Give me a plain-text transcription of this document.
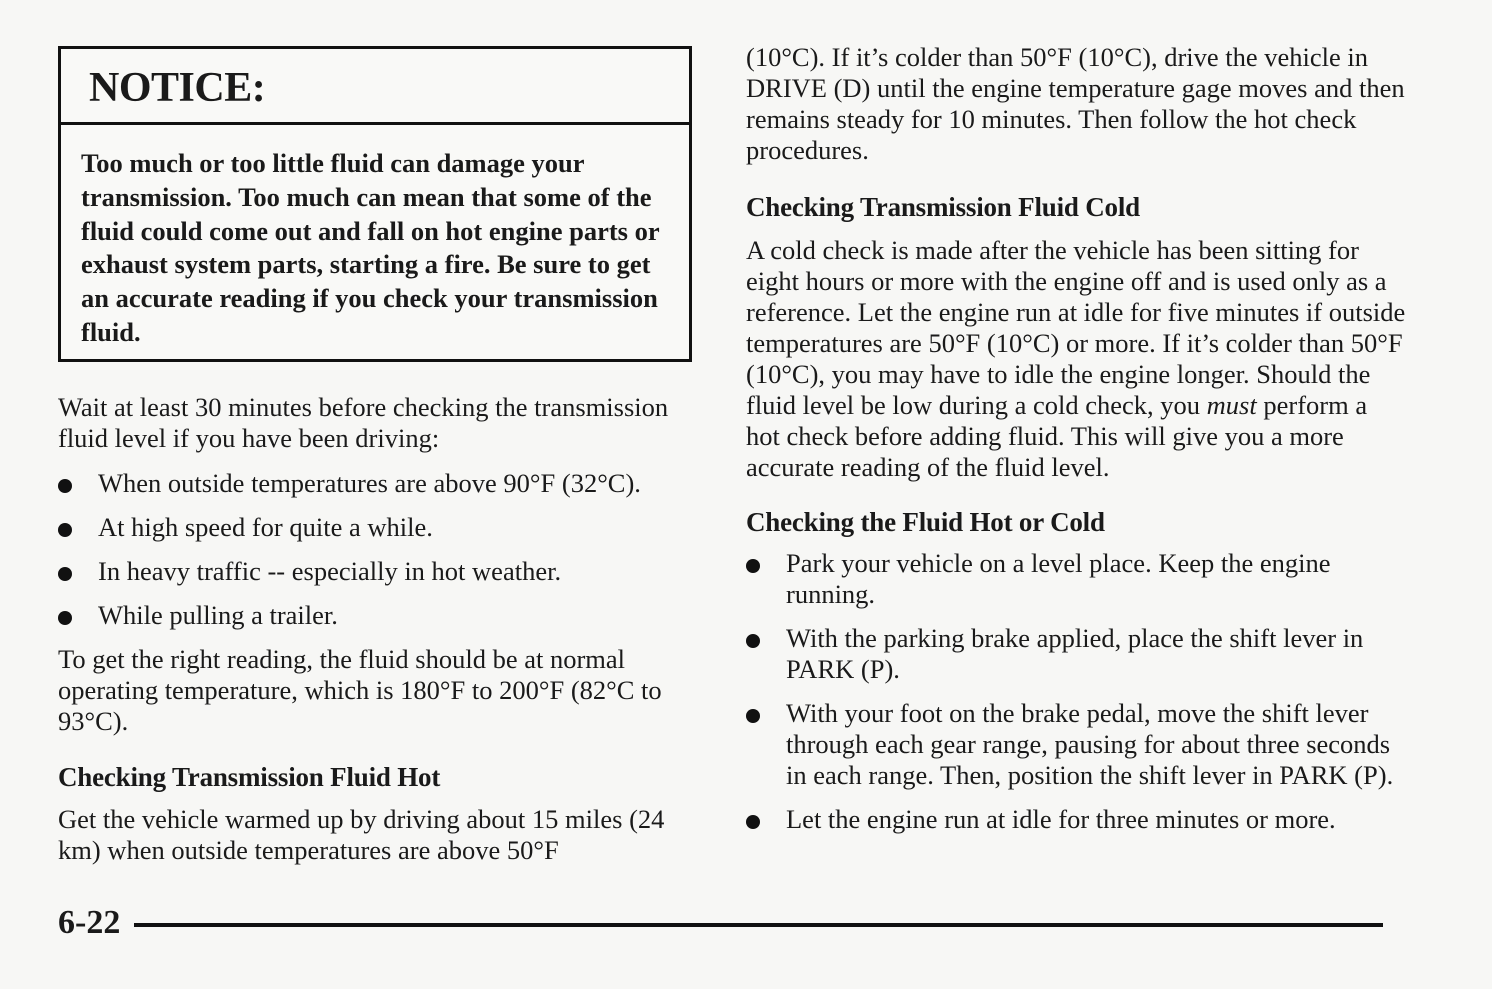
NOTICE:
Too much or too little fluid can damage your transmission. Too much can mean that some of the fluid could come out and fall on hot engine parts or exhaust system parts, starting a fire. Be sure to get an accurate reading if you check your transmission fluid.

Wait at least 30 minutes before checking the transmission fluid level if you have been driving:

When outside temperatures are above 90°F (32°C).
At high speed for quite a while.
In heavy traffic -- especially in hot weather.
While pulling a trailer.

To get the right reading, the fluid should be at normal operating temperature, which is 180°F to 200°F (82°C to 93°C).

Checking Transmission Fluid Hot

Get the vehicle warmed up by driving about 15 miles (24 km) when outside temperatures are above 50°F

(10°C). If it’s colder than 50°F (10°C), drive the vehicle in DRIVE (D) until the engine temperature gage moves and then remains steady for 10 minutes. Then follow the hot check procedures.

Checking Transmission Fluid Cold

A cold check is made after the vehicle has been sitting for eight hours or more with the engine off and is used only as a reference. Let the engine run at idle for five minutes if outside temperatures are 50°F (10°C) or more. If it’s colder than 50°F (10°C), you may have to idle the engine longer. Should the fluid level be low during a cold check, you must perform a hot check before adding fluid. This will give you a more accurate reading of the fluid level.

Checking the Fluid Hot or Cold
Park your vehicle on a level place. Keep the engine running.
With the parking brake applied, place the shift lever in PARK (P).
With your foot on the brake pedal, move the shift lever through each gear range, pausing for about three seconds in each range. Then, position the shift lever in PARK (P).
Let the engine run at idle for three minutes or more.
6-22
